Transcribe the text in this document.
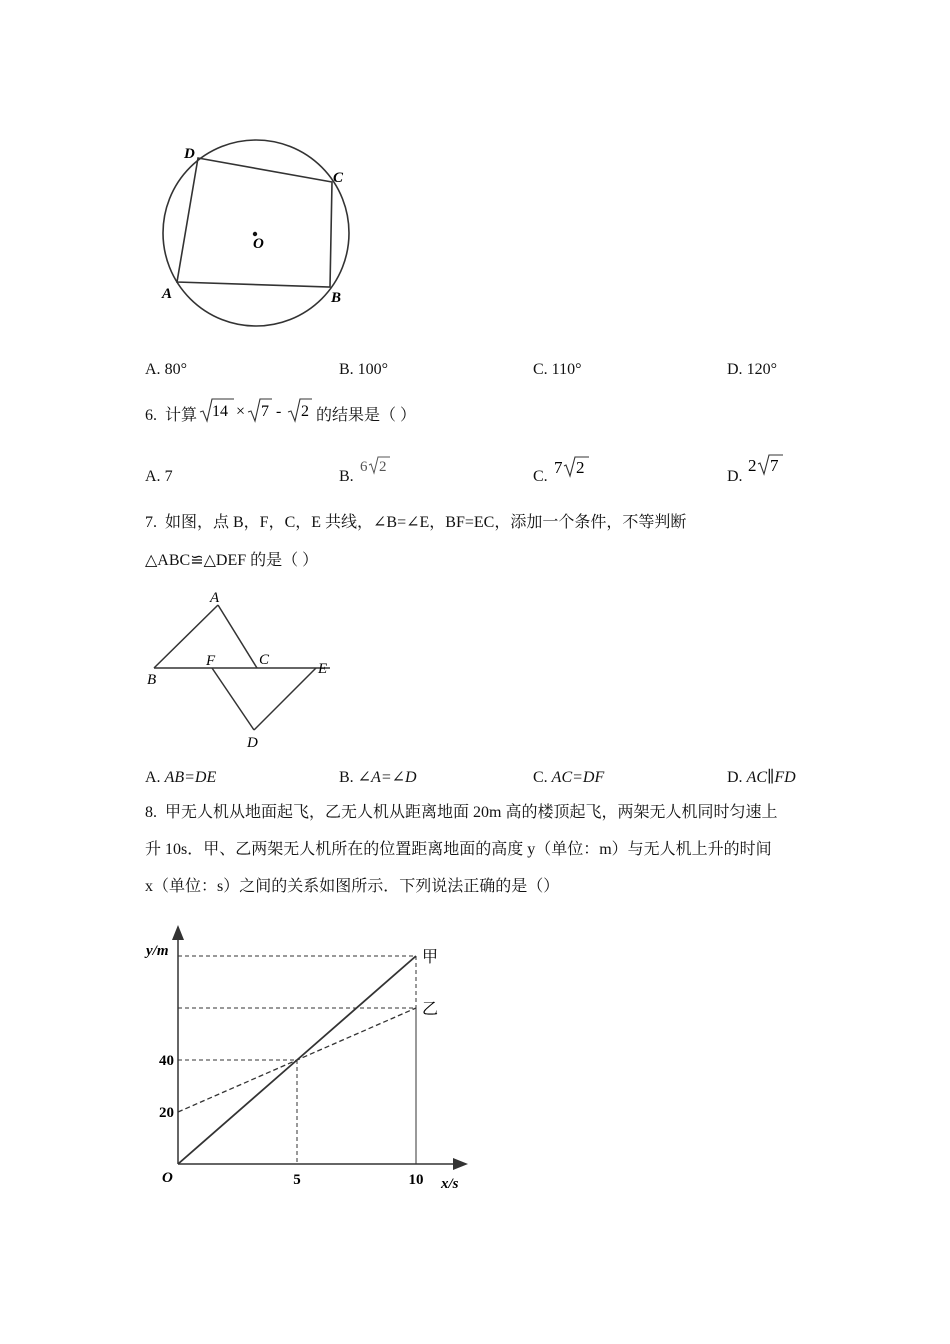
D
C
O
A	B
A. 80°	B. 100°	C. 110°	D. 120°
6. 计算 14 × 7 - 2 的结果是（ ）
A. 7	B.
6 2
C. 7 2	D.
2 7
7. 如图，点 B，F，C，E 共线，∠B=∠E，BF=EC，添加一个条件，不等判断
△ABC≌△DEF 的是（ ）
A
F	C
E
B
D
A. AB=DE	B. ∠A=∠D	C. AC=DF	D. AC∥FD
8. 甲无人机从地面起飞，乙无人机从距离地面 20m 高的楼顶起飞，两架无人机同时匀速上
升 10s．甲、乙两架无人机所在的位置距离地面的高度 y（单位：m）与无人机上升的时间
x（单位：s）之间的关系如图所示．下列说法正确的是（）
甲
乙
y/m
x/s
O	5	10
20
40
